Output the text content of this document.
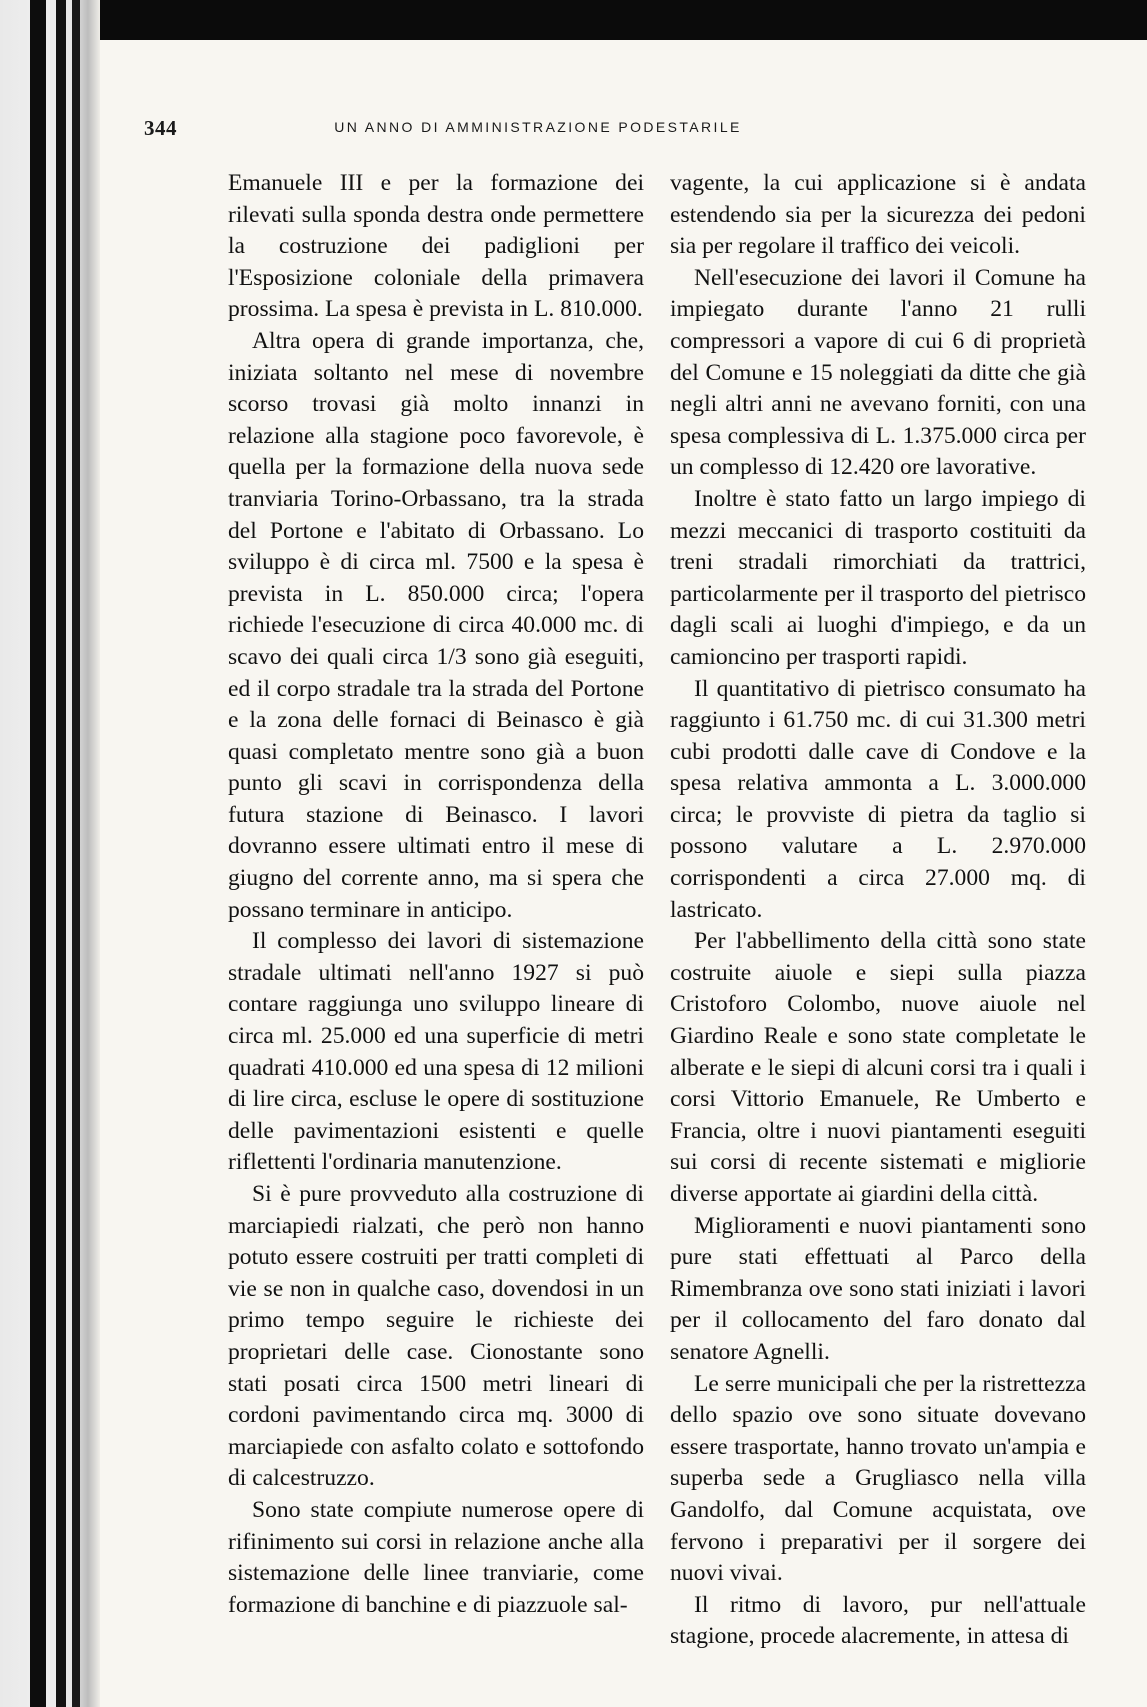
344	UN ANNO DI AMMINISTRAZIONE PODESTARILE

Emanuele III e per la formazione dei rilevati sulla sponda destra onde permettere la costruzione dei padiglioni per l'Esposizione coloniale della primavera prossima. La spesa è prevista in L. 810.000.

Altra opera di grande importanza, che, iniziata soltanto nel mese di novembre scorso trovasi già molto innanzi in relazione alla stagione poco favorevole, è quella per la formazione della nuova sede tranviaria Torino-Orbassano, tra la strada del Portone e l'abitato di Orbassano. Lo sviluppo è di circa ml. 7500 e la spesa è prevista in L. 850.000 circa; l'opera richiede l'esecuzione di circa 40.000 mc. di scavo dei quali circa 1/3 sono già eseguiti, ed il corpo stradale tra la strada del Portone e la zona delle fornaci di Beinasco è già quasi completato mentre sono già a buon punto gli scavi in corrispondenza della futura stazione di Beinasco. I lavori dovranno essere ultimati entro il mese di giugno del corrente anno, ma si spera che possano terminare in anticipo.

Il complesso dei lavori di sistemazione stradale ultimati nell'anno 1927 si può contare raggiunga uno sviluppo lineare di circa ml. 25.000 ed una superficie di metri quadrati 410.000 ed una spesa di 12 milioni di lire circa, escluse le opere di sostituzione delle pavimentazioni esistenti e quelle riflettenti l'ordinaria manutenzione.

Si è pure provveduto alla costruzione di marciapiedi rialzati, che però non hanno potuto essere costruiti per tratti completi di vie se non in qualche caso, dovendosi in un primo tempo seguire le richieste dei proprietari delle case. Cionostante sono stati posati circa 1500 metri lineari di cordoni pavimentando circa mq. 3000 di marciapiede con asfalto colato e sottofondo di calcestruzzo.

Sono state compiute numerose opere di rifinimento sui corsi in relazione anche alla sistemazione delle linee tranviarie, come formazione di banchine e di piazzuole sal-

vagente, la cui applicazione si è andata estendendo sia per la sicurezza dei pedoni sia per regolare il traffico dei veicoli.

Nell'esecuzione dei lavori il Comune ha impiegato durante l'anno 21 rulli compressori a vapore di cui 6 di proprietà del Comune e 15 noleggiati da ditte che già negli altri anni ne avevano forniti, con una spesa complessiva di L. 1.375.000 circa per un complesso di 12.420 ore lavorative.

Inoltre è stato fatto un largo impiego di mezzi meccanici di trasporto costituiti da treni stradali rimorchiati da trattrici, particolarmente per il trasporto del pietrisco dagli scali ai luoghi d'impiego, e da un camioncino per trasporti rapidi.

Il quantitativo di pietrisco consumato ha raggiunto i 61.750 mc. di cui 31.300 metri cubi prodotti dalle cave di Condove e la spesa relativa ammonta a L. 3.000.000 circa; le provviste di pietra da taglio si possono valutare a L. 2.970.000 corrispondenti a circa 27.000 mq. di lastricato.

Per l'abbellimento della città sono state costruite aiuole e siepi sulla piazza Cristoforo Colombo, nuove aiuole nel Giardino Reale e sono state completate le alberate e le siepi di alcuni corsi tra i quali i corsi Vittorio Emanuele, Re Umberto e Francia, oltre i nuovi piantamenti eseguiti sui corsi di recente sistemati e migliorie diverse apportate ai giardini della città.

Miglioramenti e nuovi piantamenti sono pure stati effettuati al Parco della Rimembranza ove sono stati iniziati i lavori per il collocamento del faro donato dal senatore Agnelli.

Le serre municipali che per la ristrettezza dello spazio ove sono situate dovevano essere trasportate, hanno trovato un'ampia e superba sede a Grugliasco nella villa Gandolfo, dal Comune acquistata, ove fervono i preparativi per il sorgere dei nuovi vivai.

Il ritmo di lavoro, pur nell'attuale stagione, procede alacremente, in attesa di
